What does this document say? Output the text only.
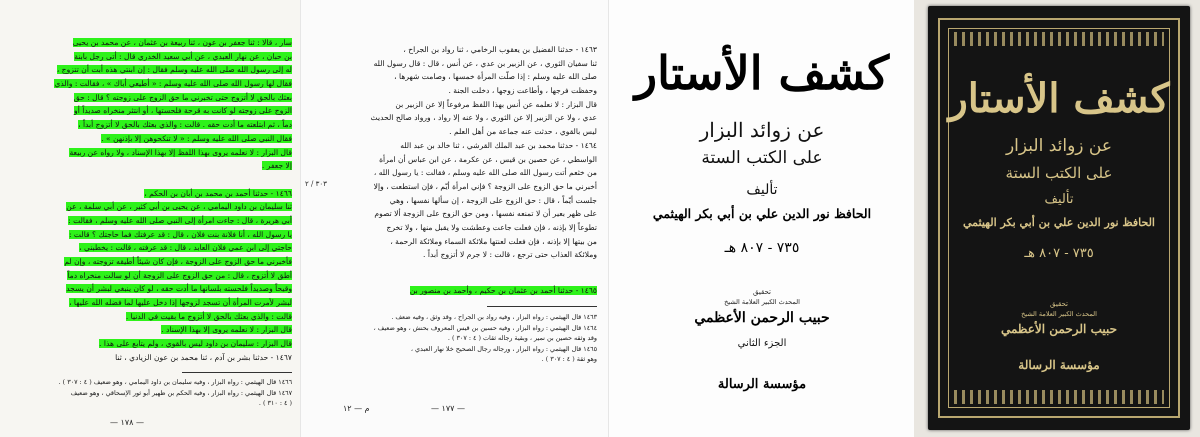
سار ، قالا : ثنا جعفر بن عون ، ثنا ربيعة بن عثمان ، عن محمد بن يحيى
بن حبان ، عن نهار العبدي ، عن أبي سعيد الخدري قال : أتى رجل بابنة
له إلى رسول الله صلى الله عليه وسلم فقال : إن ابنتي هذه أبت أن تتزوج ،
فقال لها رسول الله صلى الله عليه وسلم : « أطيعي أباك » ، فقالت : والذي
بعثك بالحق لا أتزوج حتى تخبرني ما حق الزوج على زوجته ؟ قال : حق
الزوج على زوجته لو كانت به قرحة فلحستها ، أو انتثر منخراه صديداً أو
دماً ، ثم ابتلعته ما أدت حقه . قالت : والذي بعثك بالحق لا أتزوج أبداً ،
فقال النبي صلى الله عليه وسلم : « لا تنكحوهن إلا بإذنهن » .
قال البزار : لا نعلمه يروى بهذا اللفظ إلا بهذا الإسناد ، ولا رواه عن ربيعة
إلا جعفر .
١٤٦٦ - حدثنا أحمد بن محمد بن أبان بن الحكم ،
ثنا سليمان بن داود اليمامي ، عن يحيى بن أبي كثير ، عن أبي سلمة ، عن
أبي هريرة ، قال : جاءت امرأة إلى النبي صلى الله عليه وسلم ، فقالت :
يا رسول الله ، أنا فلانة بنت فلان ، قال : قد عرفتك فما حاجتك ؟ قالت :
حاجتي إلى ابن عمي فلان العابد ، قال : قد عرفته ، قالت : يخطبني ،
فأخبرني ما حق الزوج على الزوجة ، فإن كان شيئاً أطيقه تزوجته ، وإن لم
أطق لا أتزوج ، قال : من حق الزوج على الزوجة أن لو سالت منخراه دماً
وقيحاً وصديداً فلحسته بلسانها ما أدت حقه ، لو كان ينبغي لبشر أن يسجد
لبشر لأمرت المرأة أن تسجد لزوجها إذا دخل عليها لما فضله الله عليها ،
قالت : والذي بعثك بالحق لا أتزوج ما بقيت في الدنيا .
قال البزار : لا نعلمه يروى إلا بهذا الإسناد .
قال البزار : سليمان بن داود ليس بالقوي ، ولم يتابع على هذا .
١٤٦٧ - حدثنا بشر بن آدم ، ثنا محمد بن عون الزيادي ، ثنا
١٤٦٦ قال الهيثمي : رواه البزار ، وفيه سليمان بن داود اليمامي ، وهو ضعيف ( ٤ : ٣٠٧ ) .
١٤٦٧ قال الهيثمي : رواه البزار ، وفيه الحكم بن ظهير أبو ثور الإسحاقي ، وهو ضعيف
( ٤ : ٣١٠ ) .
— ١٧٨ —
١٤٦٣ - حدثنا الفضيل بن يعقوب الرخامي ، ثنا رواد بن الجراح ،
ثنا سفيان الثوري ، عن الزبير بن عدي ، عن أنس ، قال : قال رسول الله
صلى الله عليه وسلم : إذا صلّت المرأة خمسها ، وصامت شهرها ،
وحفظت فرجها ، وأطاعت زوجها ، دخلت الجنة .
قال البزار : لا نعلمه عن أنس بهذا اللفظ مرفوعاً إلا عن الزبير بن
عدي ، ولا عن الزبير إلا عن الثوري ، ولا عنه إلا رواد ، ورواد صالح الحديث
ليس بالقوي ، حدثت عنه جماعة من أهل العلم .
١٤٦٤ - حدثنا محمد بن عبد الملك القرشي ، ثنا خالد بن عبد الله
الواسطي ، عن حصين بن قيس ، عن عكرمة ، عن ابن عباس أن امرأة
من خثعم أتت رسول الله صلى الله عليه وسلم ، فقالت : يا رسول الله ،
أخبرني ما حق الزوج على الزوجة ؟ فإني امرأة أيّم ، فإن استطعت ، وإلا
جلست أيّماً ، قال : حق الزوج على الزوجة ، إن سألها نفسها ، وهي
على ظهر بعير أن لا تمنعه نفسها ، ومن حق الزوج على الزوجة ألا تصوم
تطوعاً إلا بإذنه ، فإن فعلت جاعت وعطشت ولا يقبل منها ، ولا تخرج
من بيتها إلا بإذنه ، فإن فعلت لعنتها ملائكة السماء وملائكة الرحمة ،
وملائكة العذاب حتى ترجع ، قالت : لا جرم لا أتزوج أبداً .
١٤٦٥ - حدثنا أحمد بن عثمان بن حكيم ، وأحمد بن منصور بن
٣٠٣ / ٢
١٤٦٣ قال الهيثمي : رواه البزار ، وفيه رواد بن الجراح ، وقد وثق ، وفيه ضعف .
١٤٦٤ قال الهيثمي : رواه البزار ، وفيه حسين بن قيس المعروف بحنش ، وهو ضعيف ،
وقد وثقه حصين بن نمير ، وبقية رجاله ثقات ( ٤ : ٣٠٧ ) .
١٤٦٥ قال الهيثمي : رواه البزار ، ورجاله رجال الصحيح خلا نهار العبدي ،
وهو ثقة ( ٤ : ٣٠٧ ) .
— ١٧٧ —
م — ١٢
كشف الأستار
عن زوائد البزار
على الكتب الستة
تأليف
الحافظ نور الدين علي بن أبي بكر الهيثمي
٧٣٥ - ٨٠٧ هـ
تحقيق
المحدث الكبير العلامة الشيخ
حبيب الرحمن الأعظمي
الجزء الثاني
مؤسسة الرسالة
كشف الأستار
عن زوائد البزار
على الكتب الستة
تأليف
الحافظ نور الدين علي بن أبي بكر الهيثمي
٧٣٥ - ٨٠٧ هـ
تحقيق
المحدث الكبير العلامة الشيخ
حبيب الرحمن الأعظمي
مؤسسة الرسالة
